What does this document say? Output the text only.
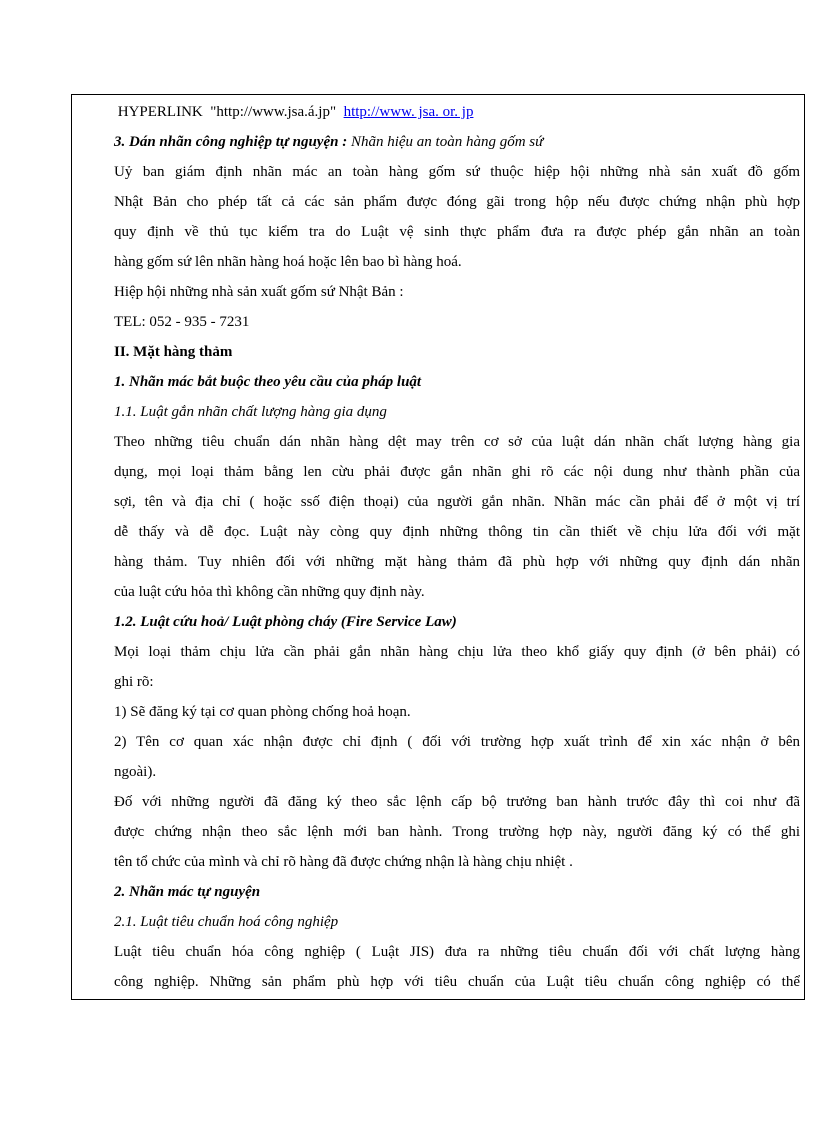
HYPERLINK  "http://www.jsa.á.jp"  http://www. jsa. or. jp

3. Dán nhãn công nghiệp tự nguyện : Nhãn hiệu an toàn hàng gốm sứ

Uỷ ban giám định nhãn mác an toàn hàng gốm sứ thuộc hiệp hội những nhà sản xuất đồ gốm

Nhật Bản cho phép tất cả các sản phẩm được đóng gãi trong hộp nếu được chứng nhận phù hợp

quy định về thủ tục kiểm tra do Luật vệ sinh thực phẩm đưa ra được phép gắn nhãn an toàn

hàng gốm sứ lên nhãn hàng hoá hoặc lên bao bì hàng hoá.

Hiệp hội những nhà sản xuất gốm sứ Nhật Bản :

TEL: 052 - 935 - 7231

II. Mặt hàng thảm

1. Nhãn mác bắt buộc theo yêu cầu của pháp luật

1.1. Luật gắn nhãn chất lượng hàng gia dụng

Theo những tiêu chuẩn dán nhãn hàng dệt may trên cơ sở của luật dán nhãn chất lượng hàng gia

dụng, mọi loại thảm bằng len cừu phải được gắn nhãn ghi rõ các nội dung như thành phần của

sợi, tên và địa chỉ ( hoặc ssố điện thoại) của người gắn nhãn. Nhãn mác cần phải để ở một vị trí

dễ thấy và dễ đọc. Luật này còng quy định những thông tin cần thiết về chịu lửa đối với mặt

hàng thảm. Tuy nhiên đối với những mặt hàng thảm đã phù hợp với những quy định dán nhãn

của luật cứu hỏa thì không cần những quy định này.

1.2. Luật cứu hoả/ Luật phòng cháy (Fire Service Law)

Mọi loại thảm chịu lửa cần phải gắn nhãn hàng chịu lửa theo khổ giấy quy định (ở bên phải) có

ghi rõ:

1) Sẽ đăng ký tại cơ quan phòng chống hoả hoạn.

2) Tên cơ quan xác nhận được chỉ định ( đối với trường hợp xuất trình để xin xác nhận ở bên

ngoài).

Đố với những người đã đăng ký theo sắc lệnh cấp bộ trưởng ban hành trước đây thì coi như đã

được chứng nhận theo sắc lệnh mới ban hành. Trong trường hợp này, người đăng ký có thể ghi

tên tổ chức của mình và chỉ rõ hàng đã được chứng nhận là hàng chịu nhiệt .

2. Nhãn mác tự nguyện

2.1. Luật tiêu chuẩn hoá công nghiệp

Luật tiêu chuẩn hóa công nghiệp ( Luật JIS) đưa ra những tiêu chuẩn đối với chất lượng hàng

công nghiệp. Những sản phẩm phù hợp với tiêu chuẩn của Luật tiêu chuẩn công nghiệp có thể
